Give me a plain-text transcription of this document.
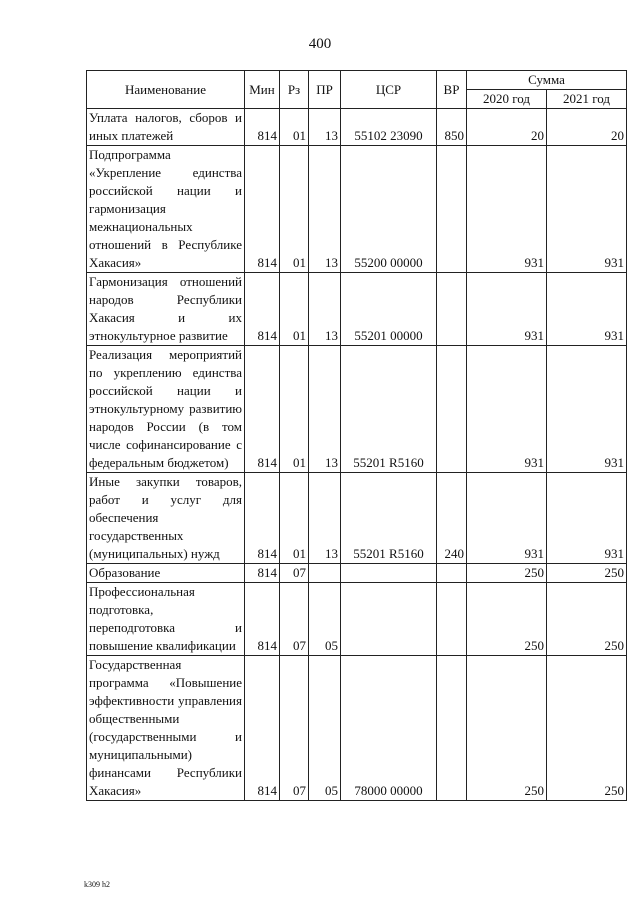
400
Наименование	Мин	Рз	ПР	ЦСР	ВР	Сумма	
						2020 год	2021 год
Уплата налогов, сборов и иных платежей	814	01	13	55102 23090	850	20	20
Подпрограмма «Укрепление единства российской нации и гармонизация межнациональных отношений в Республике Хакасия»	814	01	13	55200 00000		931	931
Гармонизация отношений народов Республики Хакасия и их этнокультурное развитие	814	01	13	55201 00000		931	931
Реализация мероприятий по укреплению единства российской нации и этнокультурному развитию народов России (в том числе софинансирование с федеральным бюджетом)	814	01	13	55201 R5160		931	931
Иные закупки товаров, работ и услуг для обеспечения государственных (муниципальных) нужд	814	01	13	55201 R5160	240	931	931
Образование	814	07				250	250
Профессиональная подготовка, переподготовка и повышение квалификации	814	07	05			250	250
Государственная программа «Повышение эффективности управления общественными (государственными и муниципальными) финансами Республики Хакасия»	814	07	05	78000 00000		250	250
k309 h2
